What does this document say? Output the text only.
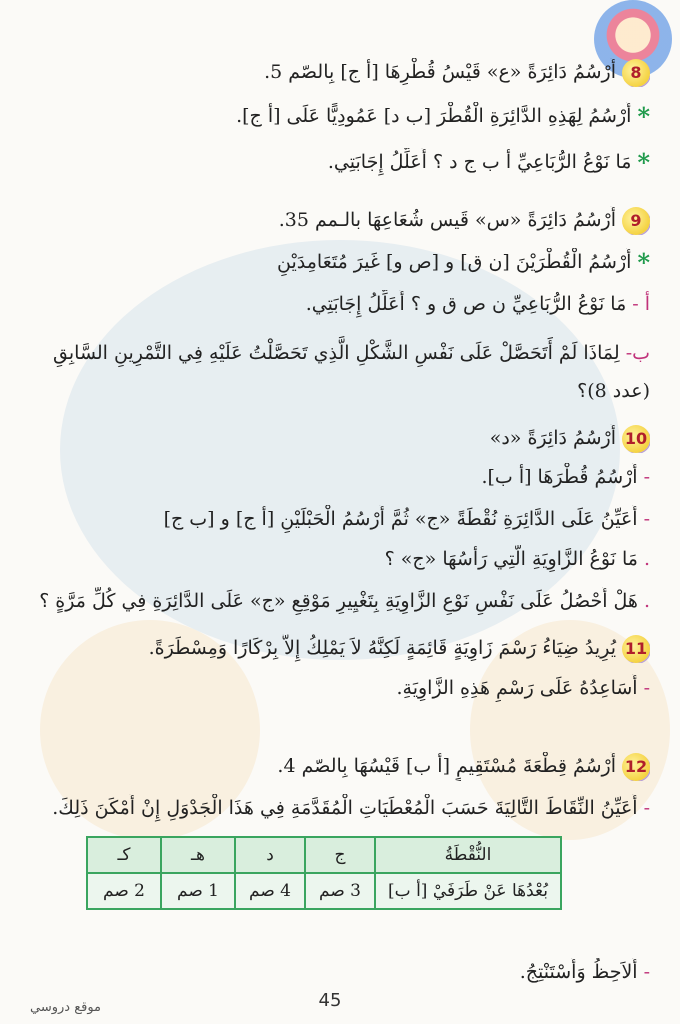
8أَرْسُمُ دَائِرَةً «ع» قَيْسُ قُطْرِهَا [أ ج] بِالصّم 5.
*أَرْسُمُ لِهَذِهِ الدَّائِرَةِ الْقُطْرَ [ب د] عَمُودِيًّا عَلَى [أ ج].
*مَا نَوْعُ الرُّبَاعِيِّ أ ب ج د ؟ أُعَلِّلُ إِجَابَتِي.
9أَرْسُمُ دَائِرَةً «س» قَيس شُعَاعِهَا بالـمم 35.
*أَرْسُمُ الْقُطْرَيْنَ [ن ق] و [ص و] غَيرَ مُتَعَامِدَيْنِ
أ -مَا نَوْعُ الرُّبَاعِيِّ ن ص ق و ؟ أُعَلِّلُ إِجَابَتِي.
ب-لِمَاذَا لَمْ أَتَحَصَّلْ عَلَى نَفْسِ الشَّكْلِ الَّذِي تَحَصَّلْتُ عَلَيْهِ فِي التَّمْرِينِ السَّابِقِ (عدد 8)؟
10أَرْسُمُ دَائِرَةً «د»
-أَرْسُمُ قُطْرَهَا [أ ب].
-أُعَيِّنُ عَلَى الدَّائِرَةِ نُقْطَةً «ج» ثُمَّ أَرْسُمُ الْحَبْلَيْنِ [أ ج] و [ب ج]
.مَا نَوْعُ الزَّاوِيَةِ الَّتِي رَأْسُهَا «ج» ؟
.هَلْ أَحْصُلُ عَلَى نَفْسِ نَوْعِ الزَّاوِيَةِ بِتَغْيِيرِ مَوْقِعِ «ج» عَلَى الدَّائِرَةِ فِي كُلِّ مَرَّةٍ ؟
11يُرِيدُ ضِيَاءُ رَسْمَ زَاوِيَةٍ قَائِمَةٍ لَكِنَّهُ لاَ يَمْلِكُ إِلاَّ بِرْكَارًا وَمِسْطَرَةً.
-أُسَاعِدُهُ عَلَى رَسْمِ هَذِهِ الزَّاوِيَةِ.
12أَرْسُمُ قِطْعَةَ مُسْتَقِيمٍ [أ ب] قَيْسُهَا بِالصّم 4.
-أُعَيِّنُ النِّقَاطَ التَّالِيَةَ حَسَبَ الْمُعْطَيَاتِ الْمُقَدَّمَةِ فِي هَذَا الْجَدْوَلِ إِنْ أَمْكَنَ ذَلِكَ.
-أُلاَحِظُ وَأَسْتَنْتِجُ.
النُّقْطَةُ	ج	د	هـ	كـ
بُعْدُهَا عَنْ طَرَفَيْ [أ ب]	3 صم	4 صم	1 صم	2 صم
45
موقع دروسي
